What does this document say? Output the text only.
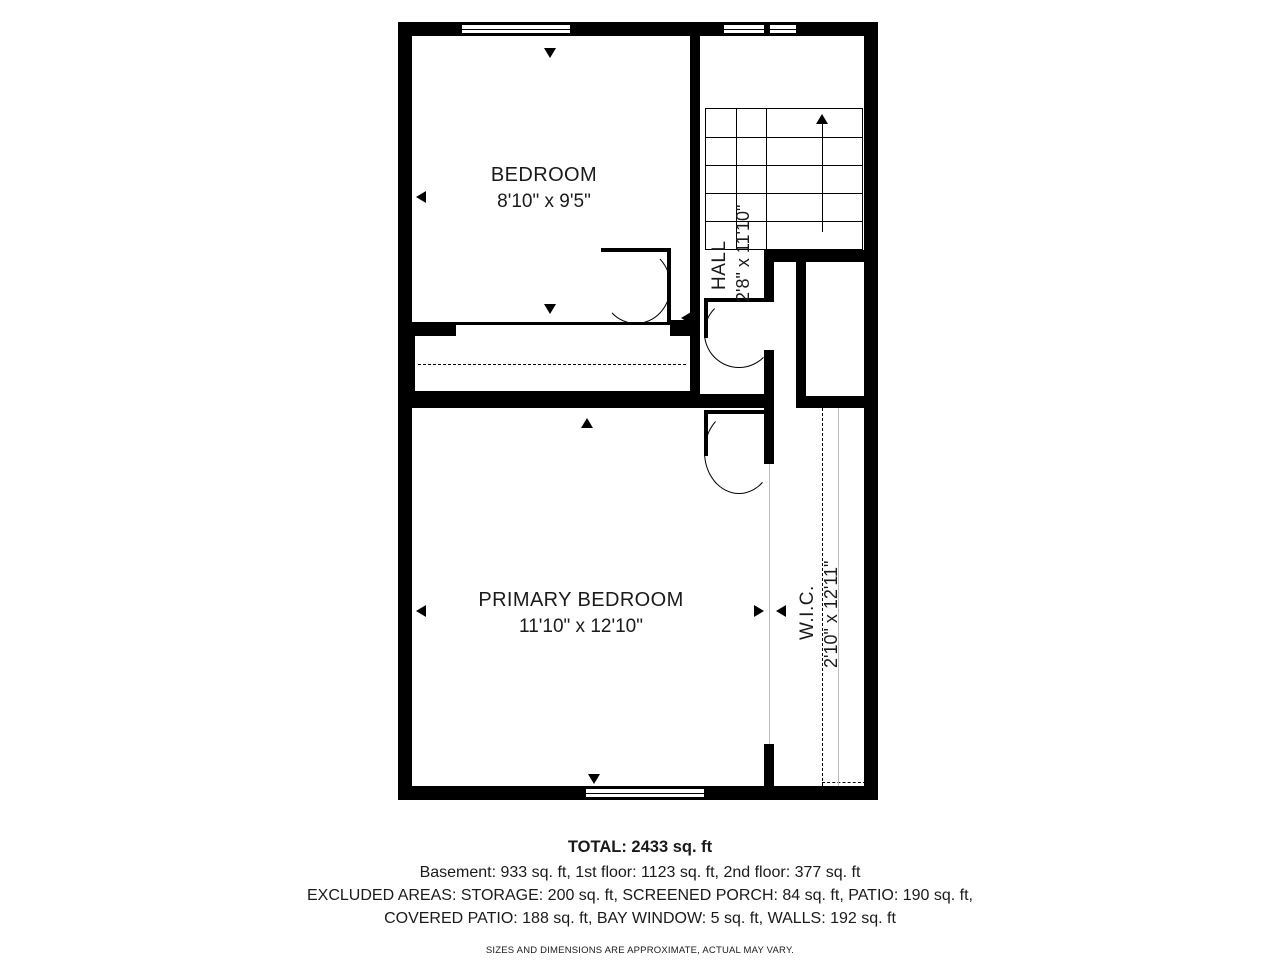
BEDROOM
8'10" x 9'5"
PRIMARY BEDROOM
11'10" x 12'10"
HALL 2'8" x 11'10"
W.I.C. 2'10" x 12'11"
TOTAL: 2433 sq. ft
Basement: 933 sq. ft, 1st floor: 1123 sq. ft, 2nd floor: 377 sq. ft
EXCLUDED AREAS: STORAGE: 200 sq. ft, SCREENED PORCH: 84 sq. ft, PATIO: 190 sq. ft,
COVERED PATIO: 188 sq. ft, BAY WINDOW: 5 sq. ft, WALLS: 192 sq. ft
SIZES AND DIMENSIONS ARE APPROXIMATE, ACTUAL MAY VARY.
